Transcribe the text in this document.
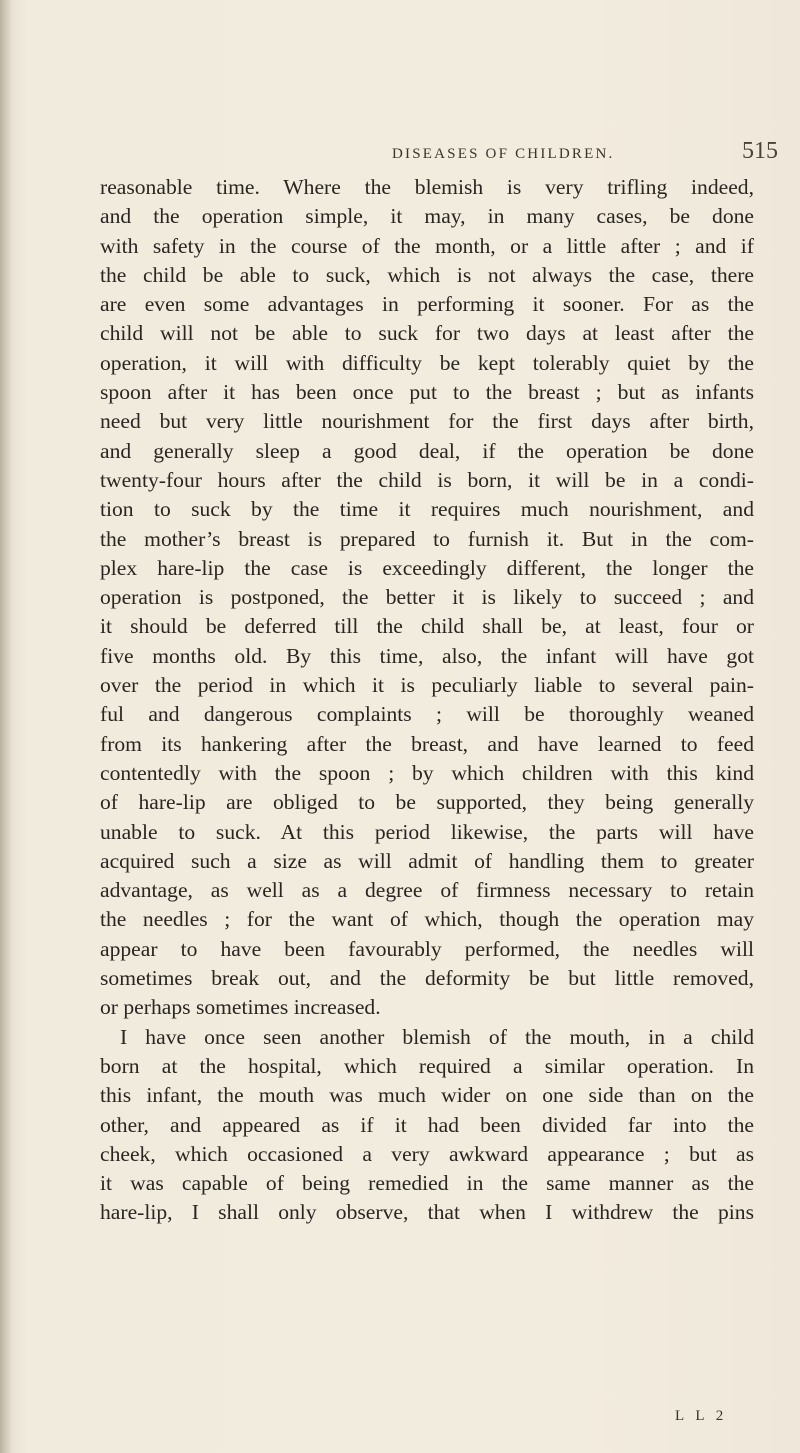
DISEASES OF CHILDREN.	515
reasonable time. Where the blemish is very trifling indeed,
and the operation simple, it may, in many cases, be done
with safety in the course of the month, or a little after ; and if
the child be able to suck, which is not always the case, there
are even some advantages in performing it sooner. For as the
child will not be able to suck for two days at least after the
operation, it will with difficulty be kept tolerably quiet by the
spoon after it has been once put to the breast ; but as infants
need but very little nourishment for the first days after birth,
and generally sleep a good deal, if the operation be done
twenty-four hours after the child is born, it will be in a condi-
tion to suck by the time it requires much nourishment, and
the mother’s breast is prepared to furnish it. But in the com-
plex hare-lip the case is exceedingly different, the longer the
operation is postponed, the better it is likely to succeed ; and
it should be deferred till the child shall be, at least, four or
five months old. By this time, also, the infant will have got
over the period in which it is peculiarly liable to several pain-
ful and dangerous complaints ; will be thoroughly weaned
from its hankering after the breast, and have learned to feed
contentedly with the spoon ; by which children with this kind
of hare-lip are obliged to be supported, they being generally
unable to suck. At this period likewise, the parts will have
acquired such a size as will admit of handling them to greater
advantage, as well as a degree of firmness necessary to retain
the needles ; for the want of which, though the operation may
appear to have been favourably performed, the needles will
sometimes break out, and the deformity be but little removed,
or perhaps sometimes increased.
I have once seen another blemish of the mouth, in a child
born at the hospital, which required a similar operation. In
this infant, the mouth was much wider on one side than on the
other, and appeared as if it had been divided far into the
cheek, which occasioned a very awkward appearance ; but as
it was capable of being remedied in the same manner as the
hare-lip, I shall only observe, that when I withdrew the pins
L L 2
